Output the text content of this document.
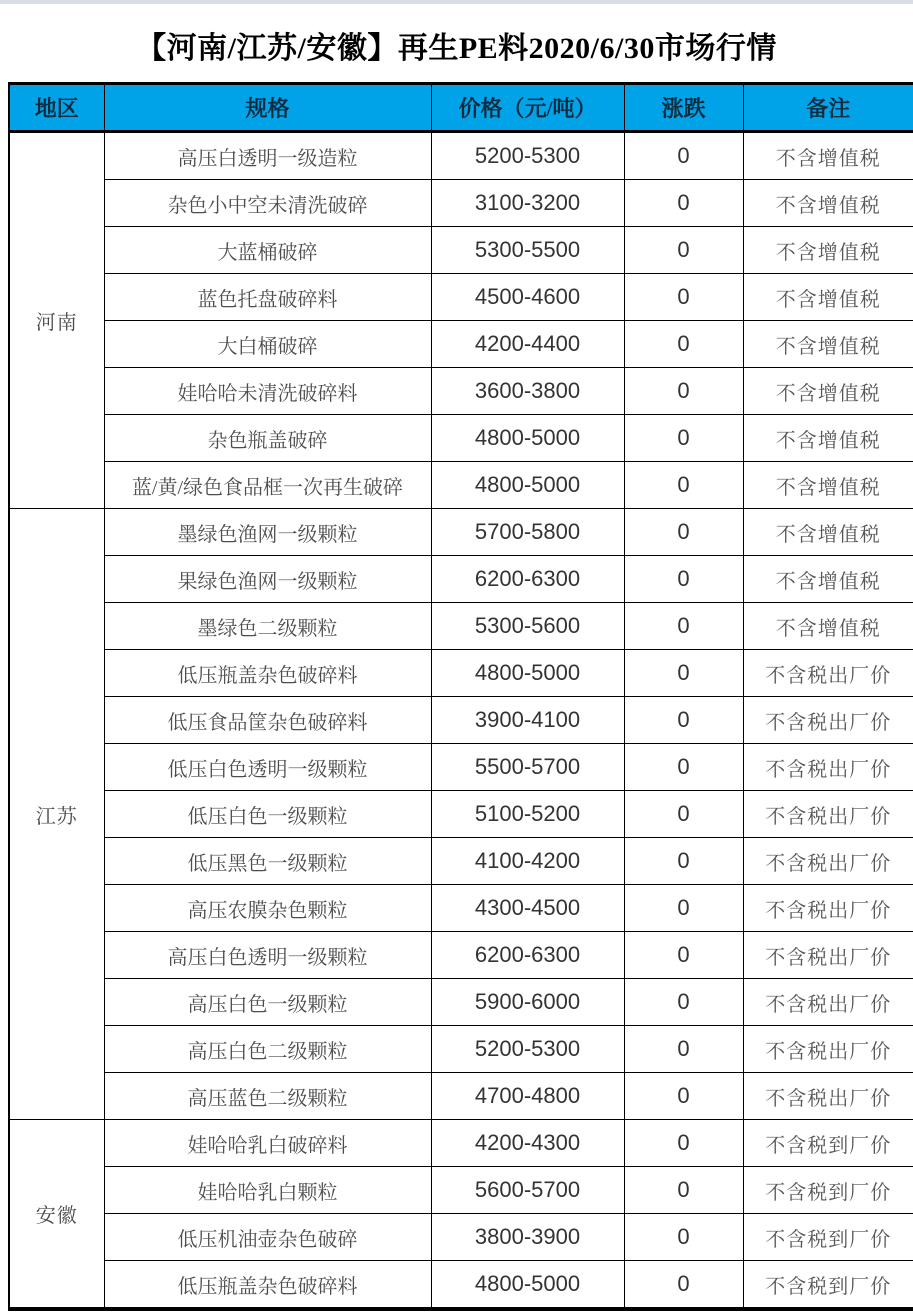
【河南/江苏/安徽】再生PE料2020/6/30市场行情
地区	规格	价格（元/吨）	涨跌	备注
河南	高压白透明一级造粒	5200-5300	0	不含增值税
	杂色小中空未清洗破碎	3100-3200	0	不含增值税
	大蓝桶破碎	5300-5500	0	不含增值税
	蓝色托盘破碎料	4500-4600	0	不含增值税
	大白桶破碎	4200-4400	0	不含增值税
	娃哈哈未清洗破碎料	3600-3800	0	不含增值税
	杂色瓶盖破碎	4800-5000	0	不含增值税
	蓝/黄/绿色食品框一次再生破碎	4800-5000	0	不含增值税
江苏	墨绿色渔网一级颗粒	5700-5800	0	不含增值税
	果绿色渔网一级颗粒	6200-6300	0	不含增值税
	墨绿色二级颗粒	5300-5600	0	不含增值税
	低压瓶盖杂色破碎料	4800-5000	0	不含税出厂价
	低压食品筐杂色破碎料	3900-4100	0	不含税出厂价
	低压白色透明一级颗粒	5500-5700	0	不含税出厂价
	低压白色一级颗粒	5100-5200	0	不含税出厂价
	低压黑色一级颗粒	4100-4200	0	不含税出厂价
	高压农膜杂色颗粒	4300-4500	0	不含税出厂价
	高压白色透明一级颗粒	6200-6300	0	不含税出厂价
	高压白色一级颗粒	5900-6000	0	不含税出厂价
	高压白色二级颗粒	5200-5300	0	不含税出厂价
	高压蓝色二级颗粒	4700-4800	0	不含税出厂价
安徽	娃哈哈乳白破碎料	4200-4300	0	不含税到厂价
	娃哈哈乳白颗粒	5600-5700	0	不含税到厂价
	低压机油壶杂色破碎	3800-3900	0	不含税到厂价
	低压瓶盖杂色破碎料	4800-5000	0	不含税到厂价
